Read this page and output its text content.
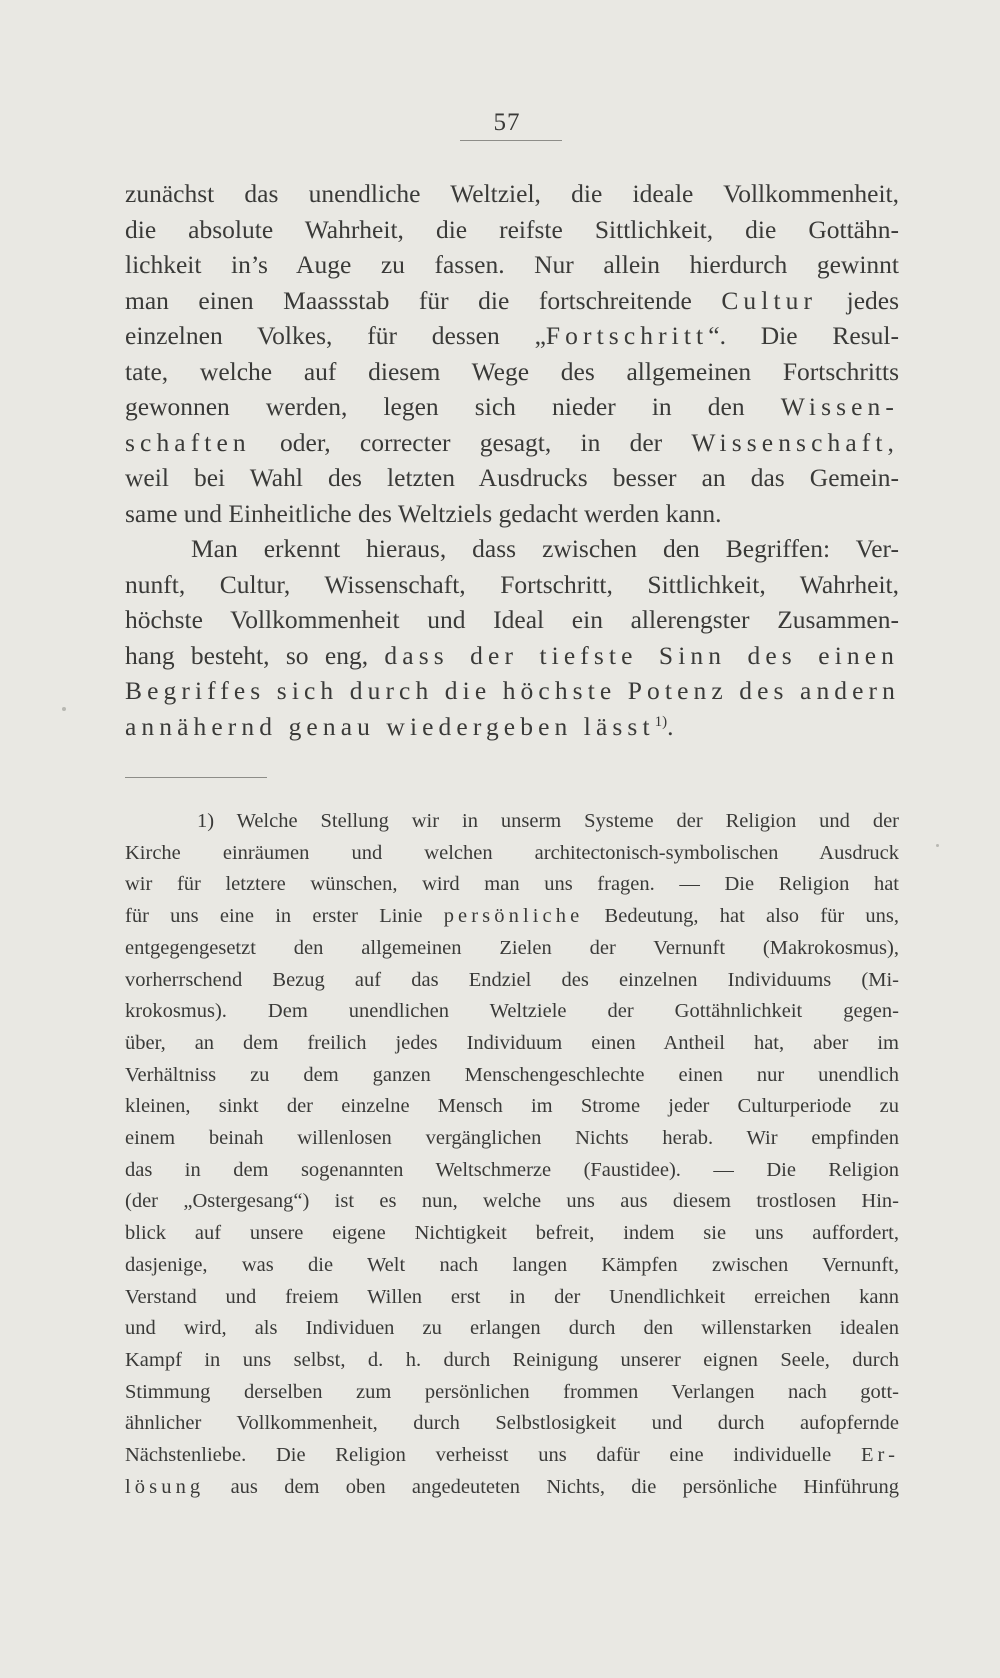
57
zunächst das unendliche Weltziel, die ideale Vollkommenheit,
die absolute Wahrheit, die reifste Sittlichkeit, die Gottähn-
lichkeit in’s Auge zu fassen. Nur allein hierdurch gewinnt
man einen Maassstab für die fortschreitende Cultur jedes
einzelnen Volkes, für dessen „Fortschritt“. Die Resul-
tate, welche auf diesem Wege des allgemeinen Fortschritts
gewonnen werden, legen sich nieder in den Wissen-
schaften oder, correcter gesagt, in der Wissenschaft,
weil bei Wahl des letzten Ausdrucks besser an das Gemein-
same und Einheitliche des Weltziels gedacht werden kann.
Man erkennt hieraus, dass zwischen den Begriffen: Ver-
nunft, Cultur, Wissenschaft, Fortschritt, Sittlichkeit, Wahrheit,
höchste Vollkommenheit und Ideal ein allerengster Zusammen-
hang besteht, so eng, dass der tiefste Sinn des einen
Begriffes sich durch die höchste Potenz des andern
annähernd genau wiedergeben lässt$^{1)}$.
1) Welche Stellung wir in unserm Systeme der Religion und der
Kirche einräumen und welchen architectonisch-symbolischen Ausdruck
wir für letztere wünschen, wird man uns fragen. — Die Religion hat
für uns eine in erster Linie persönliche Bedeutung, hat also für uns,
entgegengesetzt den allgemeinen Zielen der Vernunft (Makrokosmus),
vorherrschend Bezug auf das Endziel des einzelnen Individuums (Mi-
krokosmus). Dem unendlichen Weltziele der Gottähnlichkeit gegen-
über, an dem freilich jedes Individuum einen Antheil hat, aber im
Verhältniss zu dem ganzen Menschengeschlechte einen nur unendlich
kleinen, sinkt der einzelne Mensch im Strome jeder Culturperiode zu
einem beinah willenlosen vergänglichen Nichts herab. Wir empfinden
das in dem sogenannten Weltschmerze (Faustidee). — Die Religion
(der „Ostergesang“) ist es nun, welche uns aus diesem trostlosen Hin-
blick auf unsere eigene Nichtigkeit befreit, indem sie uns auffordert,
dasjenige, was die Welt nach langen Kämpfen zwischen Vernunft,
Verstand und freiem Willen erst in der Unendlichkeit erreichen kann
und wird, als Individuen zu erlangen durch den willenstarken idealen
Kampf in uns selbst, d. h. durch Reinigung unserer eignen Seele, durch
Stimmung derselben zum persönlichen frommen Verlangen nach gott-
ähnlicher Vollkommenheit, durch Selbstlosigkeit und durch aufopfernde
Nächstenliebe. Die Religion verheisst uns dafür eine individuelle Er-
lösung aus dem oben angedeuteten Nichts, die persönliche Hinführung
